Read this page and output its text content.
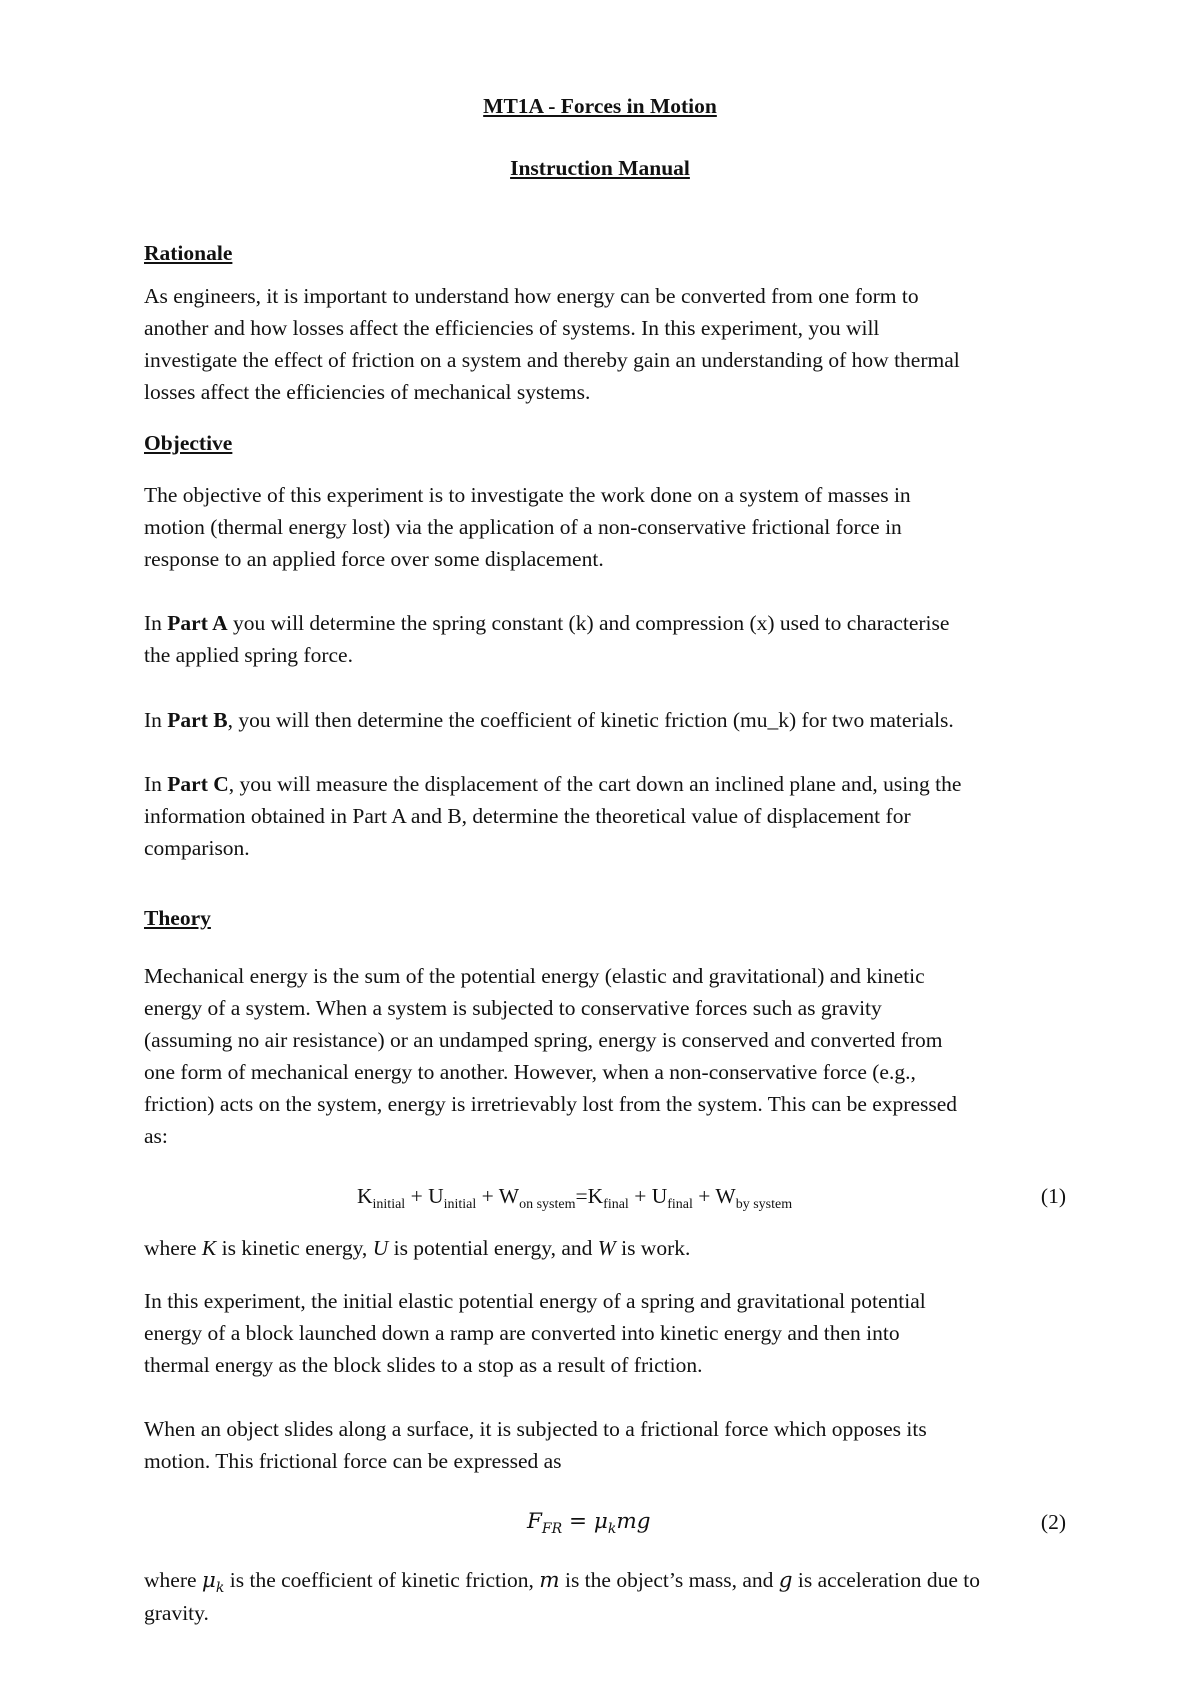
MT1A - Forces in Motion
Instruction Manual
Rationale
As engineers, it is important to understand how energy can be converted from one form to
another and how losses affect the efficiencies of systems. In this experiment, you will
investigate the effect of friction on a system and thereby gain an understanding of how thermal
losses affect the efficiencies of mechanical systems.
Objective
The objective of this experiment is to investigate the work done on a system of masses in
motion (thermal energy lost) via the application of a non-conservative frictional force in
response to an applied force over some displacement.
In Part A you will determine the spring constant (k) and compression (x) used to characterise
the applied spring force.
In Part B, you will then determine the coefficient of kinetic friction (mu_k) for two materials.
In Part C, you will measure the displacement of the cart down an inclined plane and, using the
information obtained in Part A and B, determine the theoretical value of displacement for
comparison.
Theory
Mechanical energy is the sum of the potential energy (elastic and gravitational) and kinetic
energy of a system. When a system is subjected to conservative forces such as gravity
(assuming no air resistance) or an undamped spring, energy is conserved and converted from
one form of mechanical energy to another. However, when a non-conservative force (e.g.,
friction) acts on the system, energy is irretrievably lost from the system. This can be expressed
as:
$K_{initial} + U_{initial} + W_{on system}=K_{final} + U_{final} + W_{by system}$	(1)
where K is kinetic energy, U is potential energy, and W is work.
In this experiment, the initial elastic potential energy of a spring and gravitational potential
energy of a block launched down a ramp are converted into kinetic energy and then into
thermal energy as the block slides to a stop as a result of friction.
When an object slides along a surface, it is subjected to a frictional force which opposes its
motion. This frictional force can be expressed as
$F_{FR} = \mu_kmg$	(2)
where $\mu_k$ is the coefficient of kinetic friction, m is the object’s mass, and g is acceleration due to
gravity.
